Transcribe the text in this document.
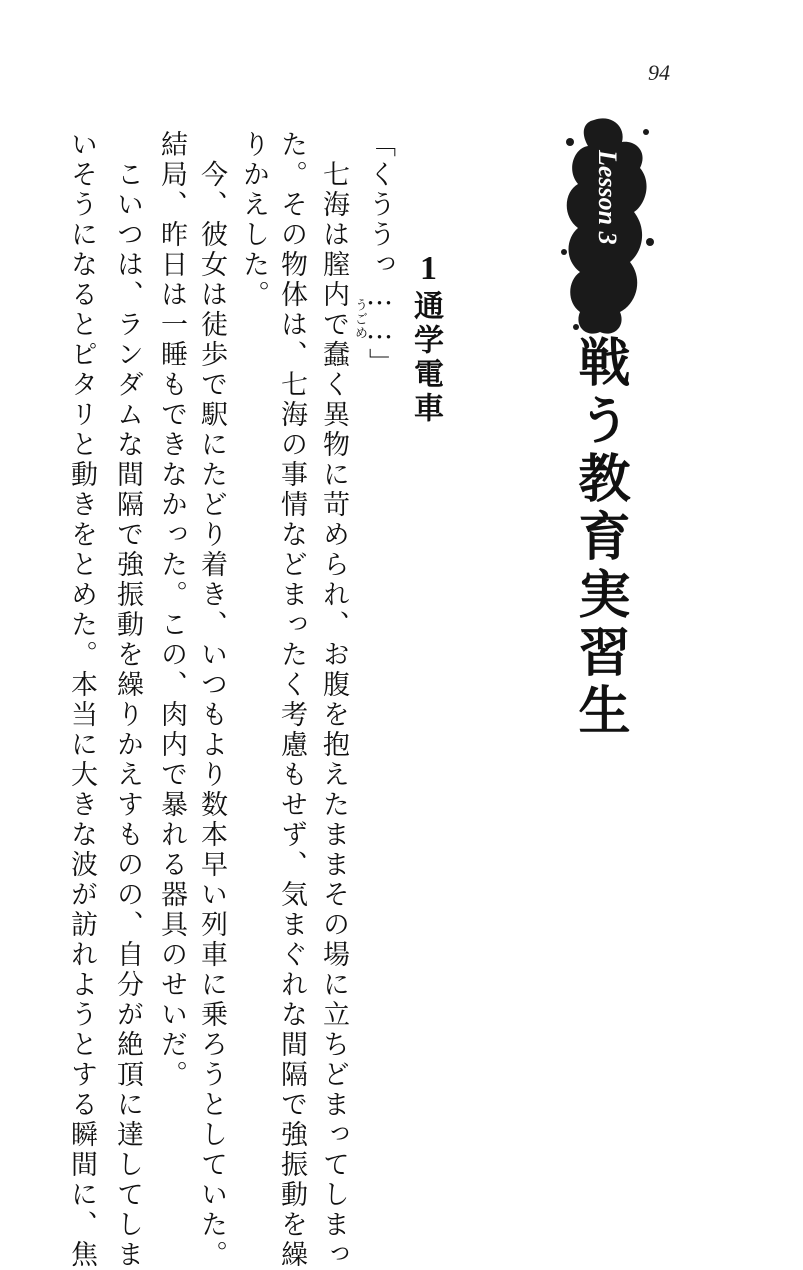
94
Lesson 3
戦う教育実習生
1
通学電車
うごめ
「くううっ……」
　七海は膣内で蠢く異物に苛められ、お腹を抱えたままその場に立ちどまってしまっ
た。その物体は、七海の事情などまったく考慮もせず、気まぐれな間隔で強振動を繰
りかえした。
　今、彼女は徒歩で駅にたどり着き、いつもより数本早い列車に乗ろうとしていた。
結局、昨日は一睡もできなかった。この、肉内で暴れる器具のせいだ。
　こいつは、ランダムな間隔で強振動を繰りかえすものの、自分が絶頂に達してしま
いそうになるとピタリと動きをとめた。本当に大きな波が訪れようとする瞬間に、焦
